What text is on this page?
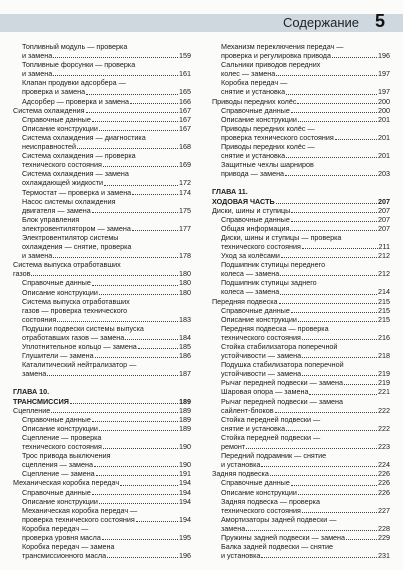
Содержание 5
Топливный модуль — проверка
и замена	159
Топливные форсунки — проверка
и замена	161
Клапан продувки адсорбера —
проверка и замена	165
Адсорбер — проверка и замена	166
Система охлаждения	167
Справочные данные	167
Описание конструкции	167
Система охлаждения — диагностика
неисправностей	168
Система охлаждения — проверка
технического состояния	169
Система охлаждения — замена
охлаждающей жидкости	172
Термостат — проверка и замена	174
Насос системы охлаждения
двигателя — замена	175
Блок управления
электровентилятором — замена	177
Электровентилятор системы
охлаждения — снятие, проверка
и замена	178
Система выпуска отработавших
газов	180
Справочные данные	180
Описание конструкции	180
Система выпуска отработавших
газов — проверка технического
состояния	183
Подушки подвески системы выпуска
отработавших газов — замена	184
Уплотнительное кольцо — замена	185
Глушители — замена	186
Каталитический нейтрализатор —
замена	187
ГЛАВА 10.
ТРАНСМИССИЯ	189
Сцепление	189
Справочные данные	189
Описание конструкции	189
Сцепление — проверка
технического состояния	190
Трос привода выключения
сцепления — замена	190
Сцепление — замена	191
Механическая коробка передач	194
Справочные данные	194
Описание конструкции	194
Механическая коробка передач —
проверка технического состояния	194
Коробка передач —
проверка уровня масла	195
Коробка передач — замена
трансмиссионного масла	196
Механизм переключения передач —
проверка и регулировка привода	196
Сальники приводов передних
колес — замена	197
Коробка передач —
снятие и установка	197
Приводы передних колёс	200
Справочные данные	200
Описание конструкции	201
Приводы передних колёс —
проверка технического состояния	201
Приводы передних колёс —
снятие и установка	201
Защитные чехлы шарниров
привода — замена	203
ГЛАВА 11.
ХОДОВАЯ ЧАСТЬ	207
Диски, шины и ступицы	207
Справочные данные	207
Общая информация	207
Диски, шины и ступицы — проверка
технического состояния	211
Уход за колёсами	212
Подшипник ступицы переднего
колеса — замена	212
Подшипник ступицы заднего
колеса — замена	214
Передняя подвеска	215
Справочные данные	215
Описание конструкции	215
Передняя подвеска — проверка
технического состояния	216
Стойка стабилизатора поперечной
устойчивости — замена	218
Подушка стабилизатора поперечной
устойчивости — замена	219
Рычаг передней подвески — замена	219
Шаровая опора — замена	221
Рычаг передней подвески — замена
сайлент-блоков	222
Стойка передней подвески —
снятие и установка	222
Стойка передней подвески —
ремонт	223
Передний подрамник — снятие
и установка	224
Задняя подвеска	226
Справочные данные	226
Описание конструкции	226
Задняя подвеска — проверка
технического состояния	227
Амортизаторы задней подвески —
замена	228
Пружины задней подвески — замена	229
Балка задней подвески — снятие
и установка	231
